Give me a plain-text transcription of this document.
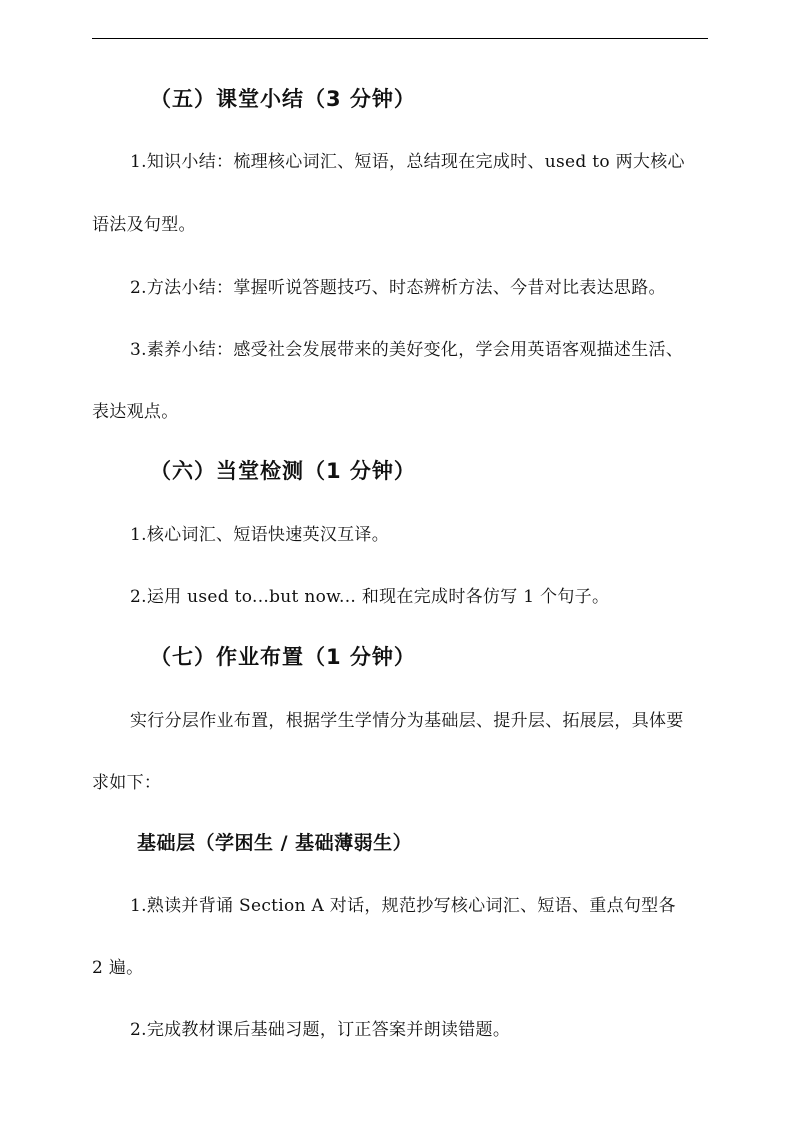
（五）课堂小结（3 分钟）
1.知识小结：梳理核心词汇、短语，总结现在完成时、used to 两大核心
语法及句型。
2.方法小结：掌握听说答题技巧、时态辨析方法、今昔对比表达思路。
3.素养小结：感受社会发展带来的美好变化，学会用英语客观描述生活、
表达观点。
（六）当堂检测（1 分钟）
1.核心词汇、短语快速英汉互译。
2.运用 used to...but now... 和现在完成时各仿写 1 个句子。
（七）作业布置（1 分钟）
实行分层作业布置，根据学生学情分为基础层、提升层、拓展层，具体要
求如下：
基础层（学困生 / 基础薄弱生）
1.熟读并背诵 Section A 对话，规范抄写核心词汇、短语、重点句型各
2 遍。
2.完成教材课后基础习题，订正答案并朗读错题。
